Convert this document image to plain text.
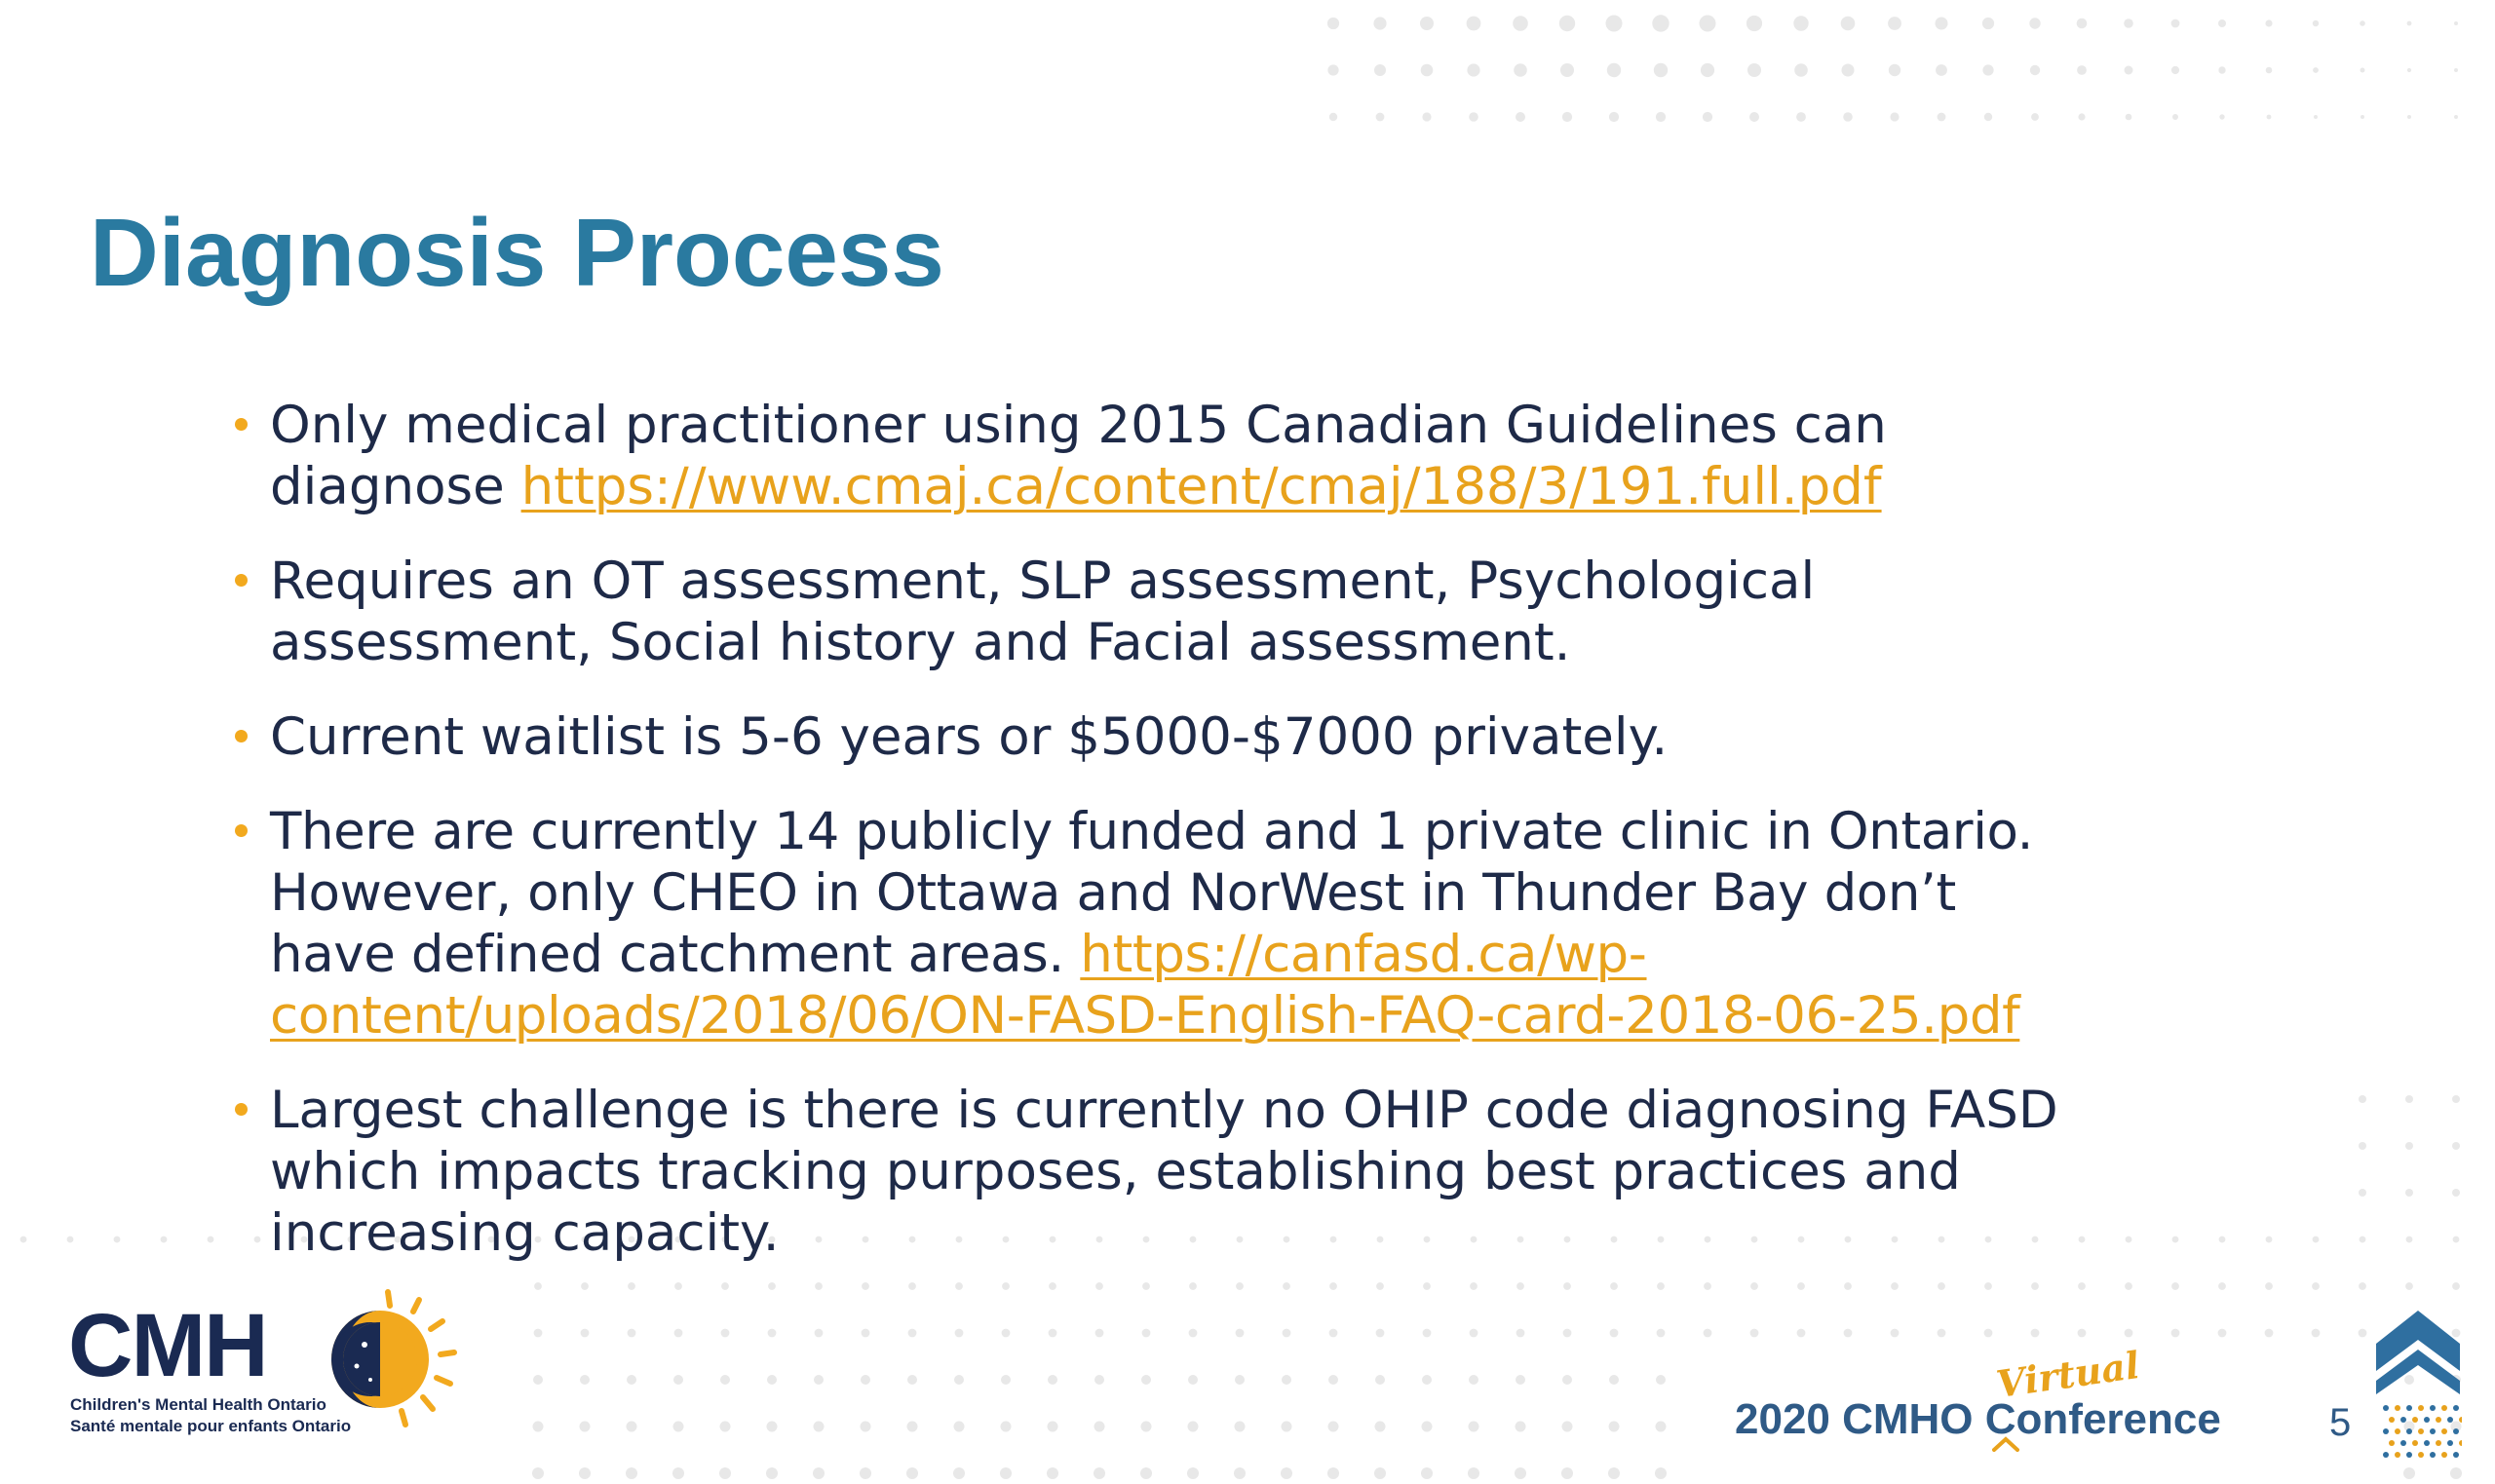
Diagnosis Process
Only medical practitioner using 2015 Canadian Guidelines can diagnose https://www.cmaj.ca/content/cmaj/188/3/191.full.pdf
Requires an OT assessment, SLP assessment, Psychological assessment, Social history and Facial assessment.
Current waitlist is 5-6 years or $5000-$7000 privately.
There are currently 14 publicly funded and 1 private clinic in Ontario. However, only CHEO in Ottawa and NorWest in Thunder Bay don’t have defined catchment areas. https://canfasd.ca/wp-content/uploads/2018/06/ON-FASD-English-FAQ-card-2018-06-25.pdf
Largest challenge is there is currently no OHIP code diagnosing FASD which impacts tracking purposes, establishing best practices and increasing capacity.
CMH
Children's Mental Health Ontario
Santé mentale pour enfants Ontario	2020 CMHO Conference
Virtual
5
